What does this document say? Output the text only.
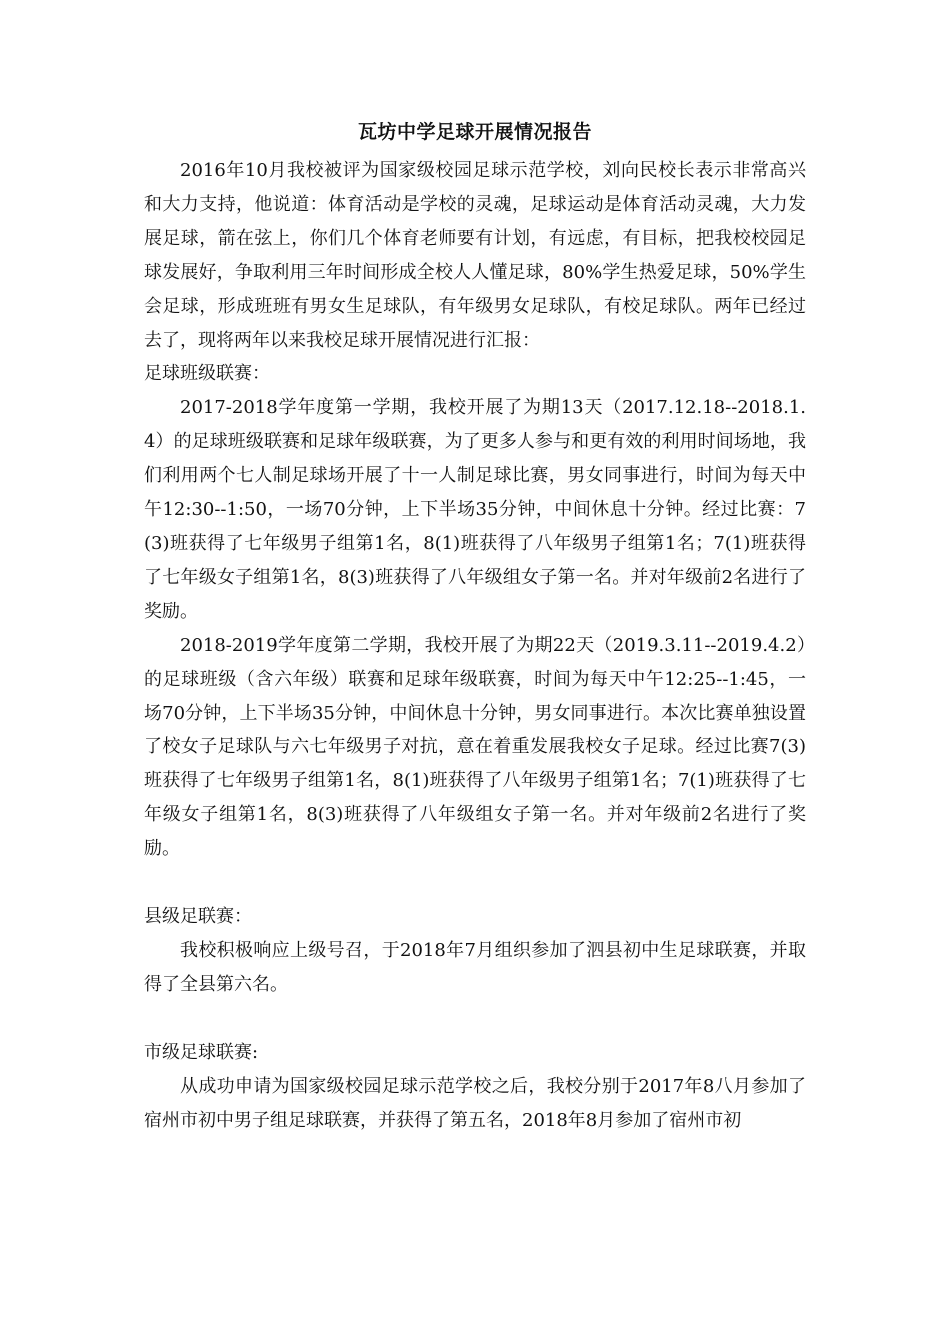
瓦坊中学足球开展情况报告

2016年10月我校被评为国家级校园足球示范学校，刘向民校长表示非常高兴和大力支持，他说道：体育活动是学校的灵魂，足球运动是体育活动灵魂，大力发展足球，箭在弦上，你们几个体育老师要有计划，有远虑，有目标，把我校校园足球发展好，争取利用三年时间形成全校人人懂足球，80%学生热爱足球，50%学生会足球，形成班班有男女生足球队，有年级男女足球队，有校足球队。两年已经过去了，现将两年以来我校足球开展情况进行汇报：

足球班级联赛：

2017-2018学年度第一学期，我校开展了为期13天（2017.12.18--2018.1.4）的足球班级联赛和足球年级联赛，为了更多人参与和更有效的利用时间场地，我们利用两个七人制足球场开展了十一人制足球比赛，男女同事进行，时间为每天中午12:30--1:50，一场70分钟，上下半场35分钟，中间休息十分钟。经过比赛：7(3)班获得了七年级男子组第1名，8(1)班获得了八年级男子组第1名；7(1)班获得了七年级女子组第1名，8(3)班获得了八年级组女子第一名。并对年级前2名进行了奖励。

2018-2019学年度第二学期，我校开展了为期22天（2019.3.11--2019.4.2）的足球班级（含六年级）联赛和足球年级联赛，时间为每天中午12:25--1:45，一场70分钟，上下半场35分钟，中间休息十分钟，男女同事进行。本次比赛单独设置了校女子足球队与六七年级男子对抗，意在着重发展我校女子足球。经过比赛7(3)班获得了七年级男子组第1名，8(1)班获得了八年级男子组第1名；7(1)班获得了七年级女子组第1名，8(3)班获得了八年级组女子第一名。并对年级前2名进行了奖励。

县级足联赛：

我校积极响应上级号召，于2018年7月组织参加了泗县初中生足球联赛，并取得了全县第六名。

市级足球联赛:

从成功申请为国家级校园足球示范学校之后，我校分别于2017年8八月参加了宿州市初中男子组足球联赛，并获得了第五名，2018年8月参加了宿州市初
